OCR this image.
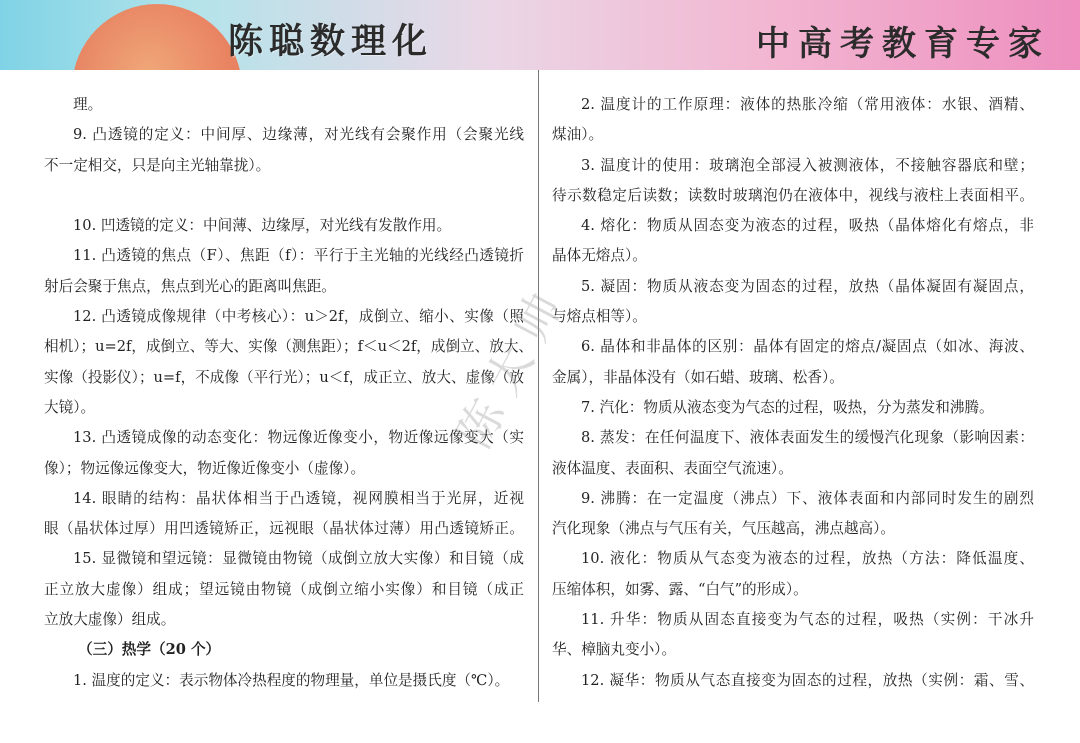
陈聪数理化	中高考教育专家
理。
9. 凸透镜的定义：中间厚、边缘薄，对光线有会聚作用（会聚光线
不一定相交，只是向主光轴靠拢）。
10. 凹透镜的定义：中间薄、边缘厚，对光线有发散作用。
11. 凸透镜的焦点（F）、焦距（f）：平行于主光轴的光线经凸透镜折
射后会聚于焦点，焦点到光心的距离叫焦距。
12. 凸透镜成像规律（中考核心）：u＞2f，成倒立、缩小、实像（照
相机）；u=2f，成倒立、等大、实像（测焦距）；f＜u＜2f，成倒立、放大、
实像（投影仪）；u=f，不成像（平行光）；u＜f，成正立、放大、虚像（放
大镜）。
13. 凸透镜成像的动态变化：物远像近像变小，物近像远像变大（实
像）；物远像远像变大，物近像近像变小（虚像）。
14. 眼睛的结构：晶状体相当于凸透镜，视网膜相当于光屏，近视
眼（晶状体过厚）用凹透镜矫正，远视眼（晶状体过薄）用凸透镜矫正。
15. 显微镜和望远镜：显微镜由物镜（成倒立放大实像）和目镜（成
正立放大虚像）组成；望远镜由物镜（成倒立缩小实像）和目镜（成正
立放大虚像）组成。
（三）热学（20 个）
1. 温度的定义：表示物体冷热程度的物理量，单位是摄氏度（℃）。
2. 温度计的工作原理：液体的热胀冷缩（常用液体：水银、酒精、
煤油）。
3. 温度计的使用：玻璃泡全部浸入被测液体，不接触容器底和壁；
待示数稳定后读数；读数时玻璃泡仍在液体中，视线与液柱上表面相平。
4. 熔化：物质从固态变为液态的过程，吸热（晶体熔化有熔点，非
晶体无熔点）。
5. 凝固：物质从液态变为固态的过程，放热（晶体凝固有凝固点，
与熔点相等）。
6. 晶体和非晶体的区别：晶体有固定的熔点/凝固点（如冰、海波、
金属），非晶体没有（如石蜡、玻璃、松香）。
7. 汽化：物质从液态变为气态的过程，吸热，分为蒸发和沸腾。
8. 蒸发：在任何温度下、液体表面发生的缓慢汽化现象（影响因素：
液体温度、表面积、表面空气流速）。
9. 沸腾：在一定温度（沸点）下、液体表面和内部同时发生的剧烈
汽化现象（沸点与气压有关，气压越高，沸点越高）。
10. 液化：物质从气态变为液态的过程，放热（方法：降低温度、
压缩体积，如雾、露、“白气”的形成）。
11. 升华：物质从固态直接变为气态的过程，吸热（实例：干冰升
华、樟脑丸变小）。
12. 凝华：物质从气态直接变为固态的过程，放热（实例：霜、雪、
陈大帅
